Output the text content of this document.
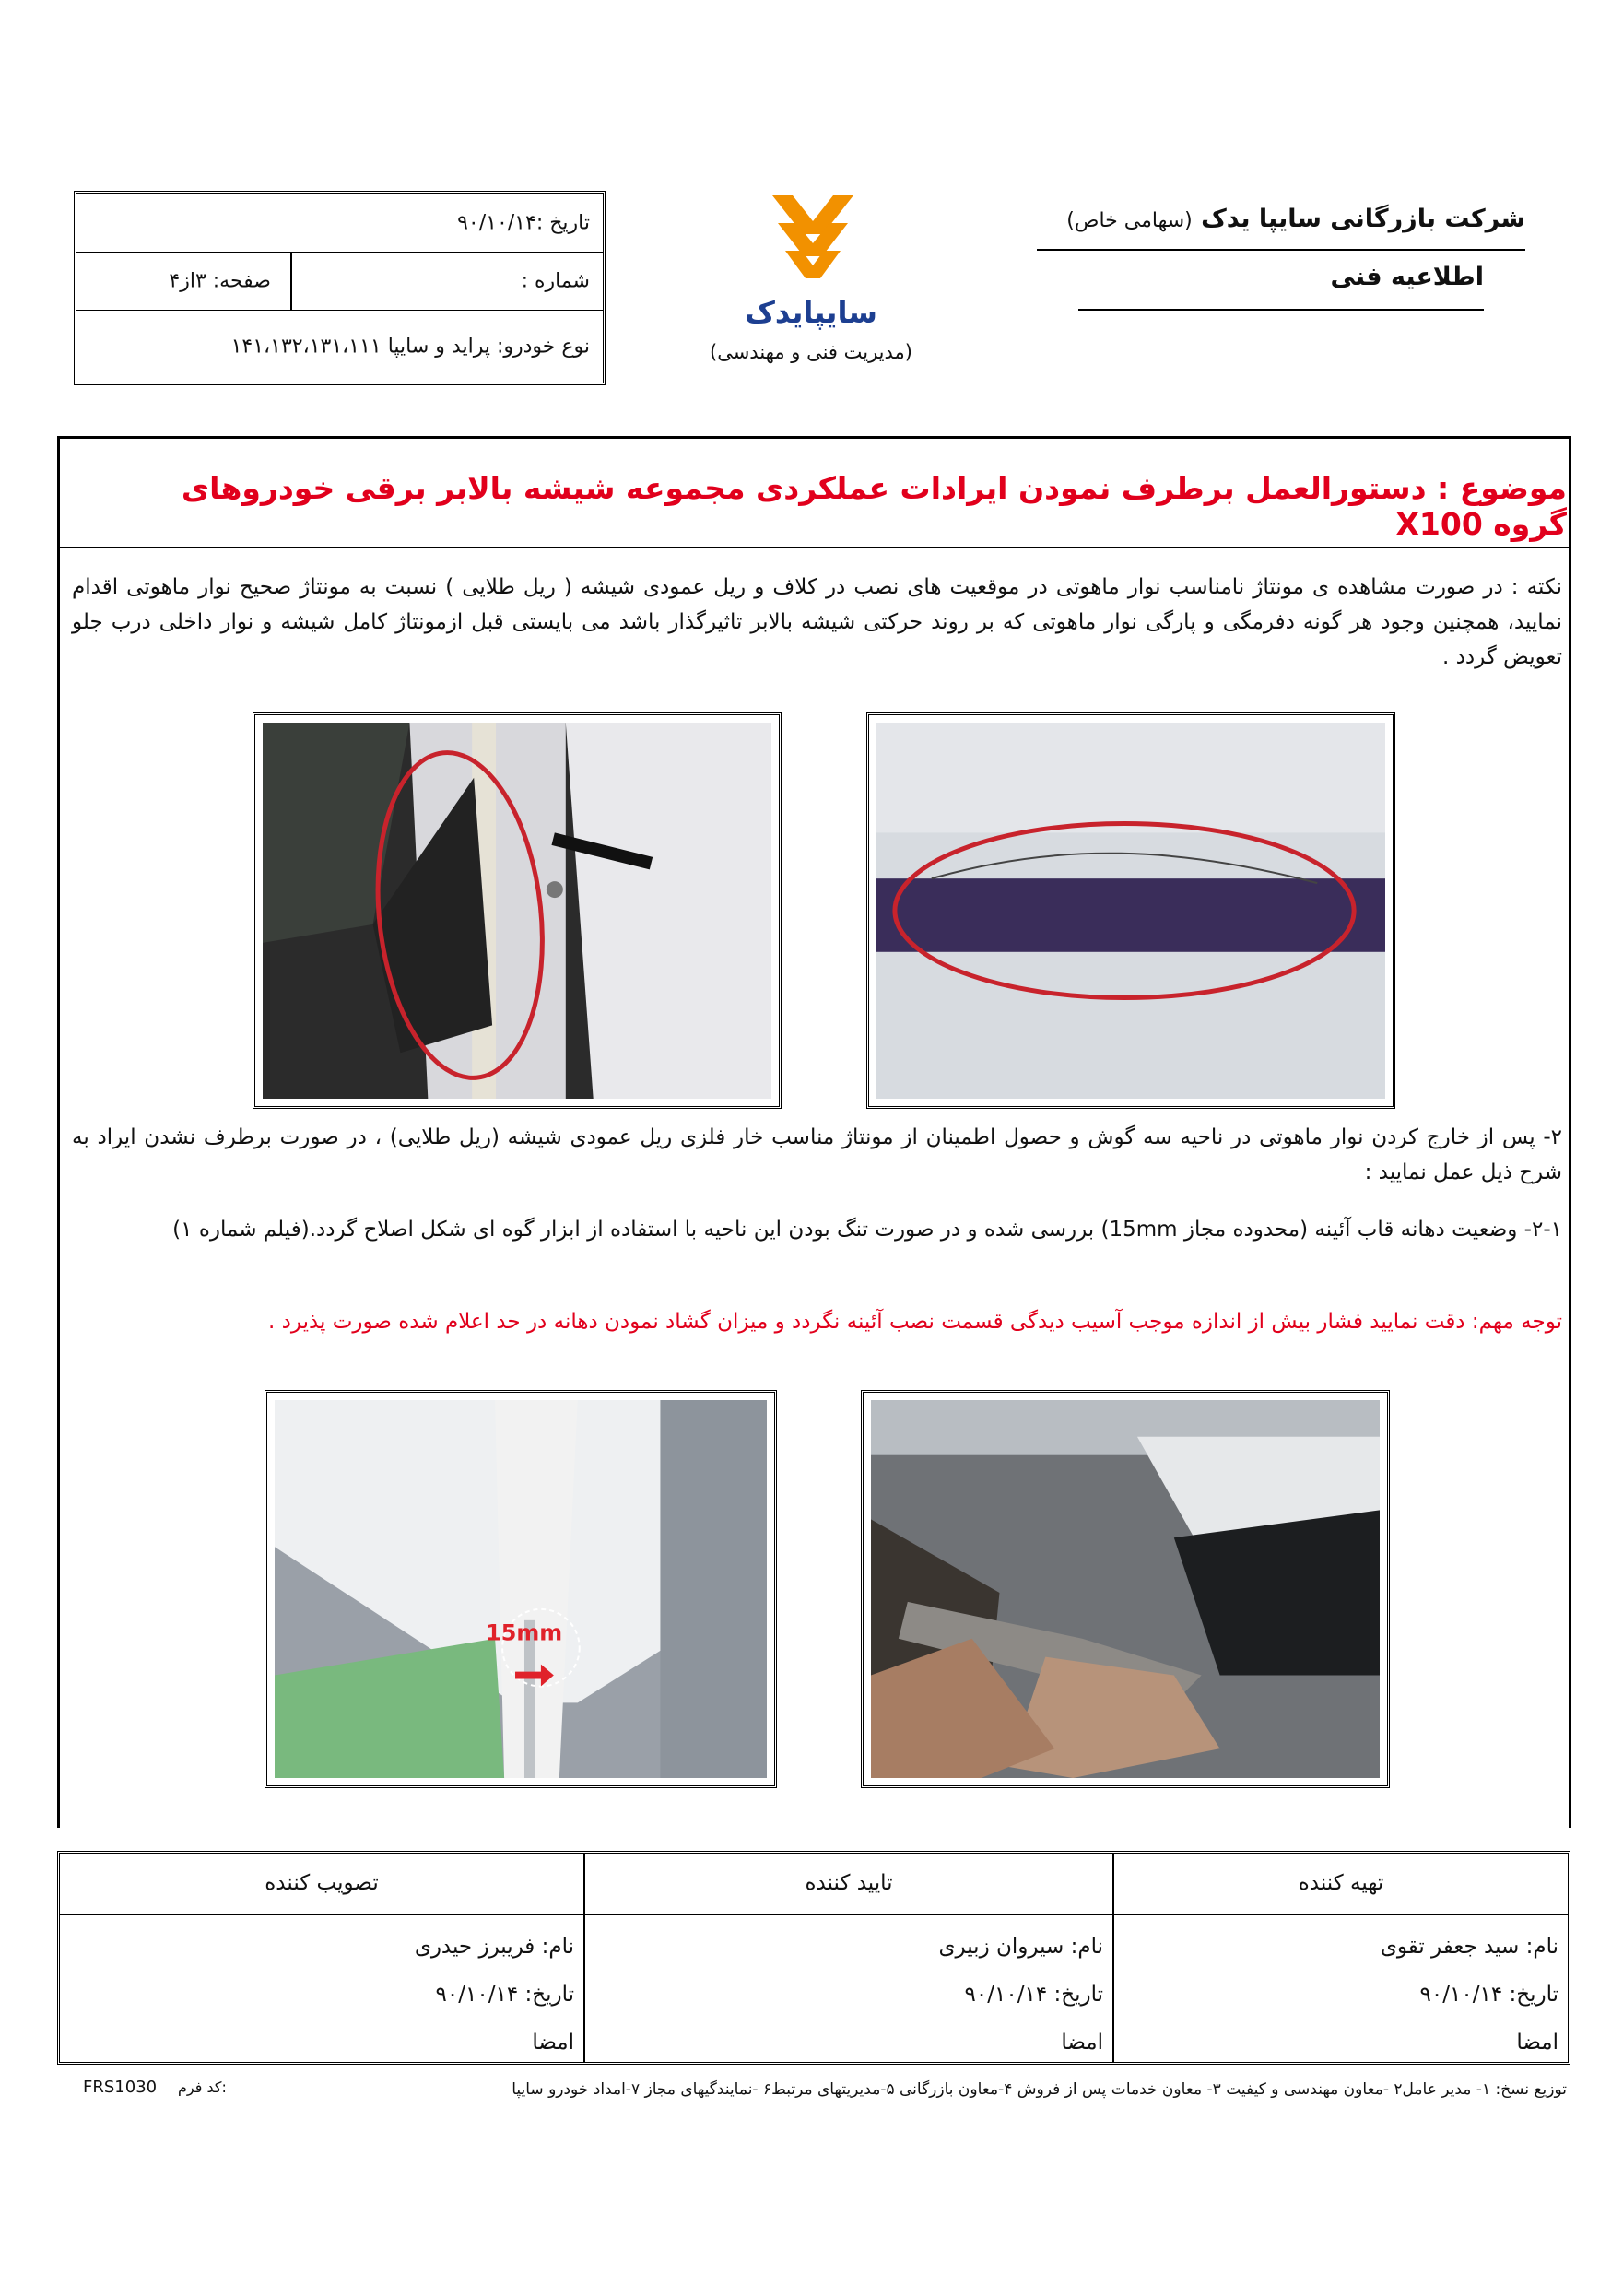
تاریخ :۹۰/۱۰/۱۴
شماره :
صفحه: ۳از۴
نوع خودرو: پراید و سایپا ۱۴۱،۱۳۲،۱۳۱،۱۱۱
سایپایدک
(مدیریت فنی و مهندسی)
شرکت بازرگانی سایپا یدک (سهامی خاص)
اطلاعیه فنی
موضوع : دستورالعمل برطرف نمودن ایرادات عملکردی مجموعه شیشه بالابر برقی خودروهای گروه X100
نکته : در صورت مشاهده ی مونتاژ نامناسب نوار ماهوتی در موقعیت های نصب در کلاف و ریل عمودی شیشه ( ریل طلایی ) نسبت به مونتاژ صحیح نوار ماهوتی اقدام نمایید، همچنین وجود هر گونه دفرمگی و پارگی نوار ماهوتی که بر روند حرکتی شیشه بالابر تاثیرگذار باشد می بایستی قبل ازمونتاژ کامل شیشه و نوار داخلی درب جلو تعویض گردد .
۲- پس از خارج کردن نوار ماهوتی در ناحیه سه گوش و حصول اطمینان از مونتاژ مناسب خار فلزی ریل عمودی شیشه (ریل طلایی) ، در صورت برطرف نشدن ایراد به شرح ذیل عمل نمایید :
۲-۱- وضعیت دهانه قاب آئینه (محدوده مجاز 15mm) بررسی شده و در صورت تنگ بودن این ناحیه با استفاده از ابزار گوه ای شکل اصلاح گردد.(فیلم شماره ۱)
توجه مهم: دقت نمایید فشار بیش از اندازه موجب آسیب دیدگی قسمت نصب آئینه نگردد و میزان گشاد نمودن دهانه در حد اعلام شده صورت پذیرد .
15mm
تصویب کننده
نام: فریبرز حیدری
تاریخ: ۹۰/۱۰/۱۴
امضا
تایید کننده
نام: سیروان زبیری
تاریخ: ۹۰/۱۰/۱۴
امضا
تهیه کننده
نام: سید جعفر تقوی
تاریخ: ۹۰/۱۰/۱۴
امضا
توزیع نسخ: ۱- مدیر عامل۲ -معاون مهندسی و کیفیت ۳- معاون خدمات پس از فروش ۴-معاون بازرگانی ۵-مدیریتهای مرتبط۶ -نمایندگیهای مجاز ۷-امداد خودرو سایپا
FRS1030 کد فرم:
